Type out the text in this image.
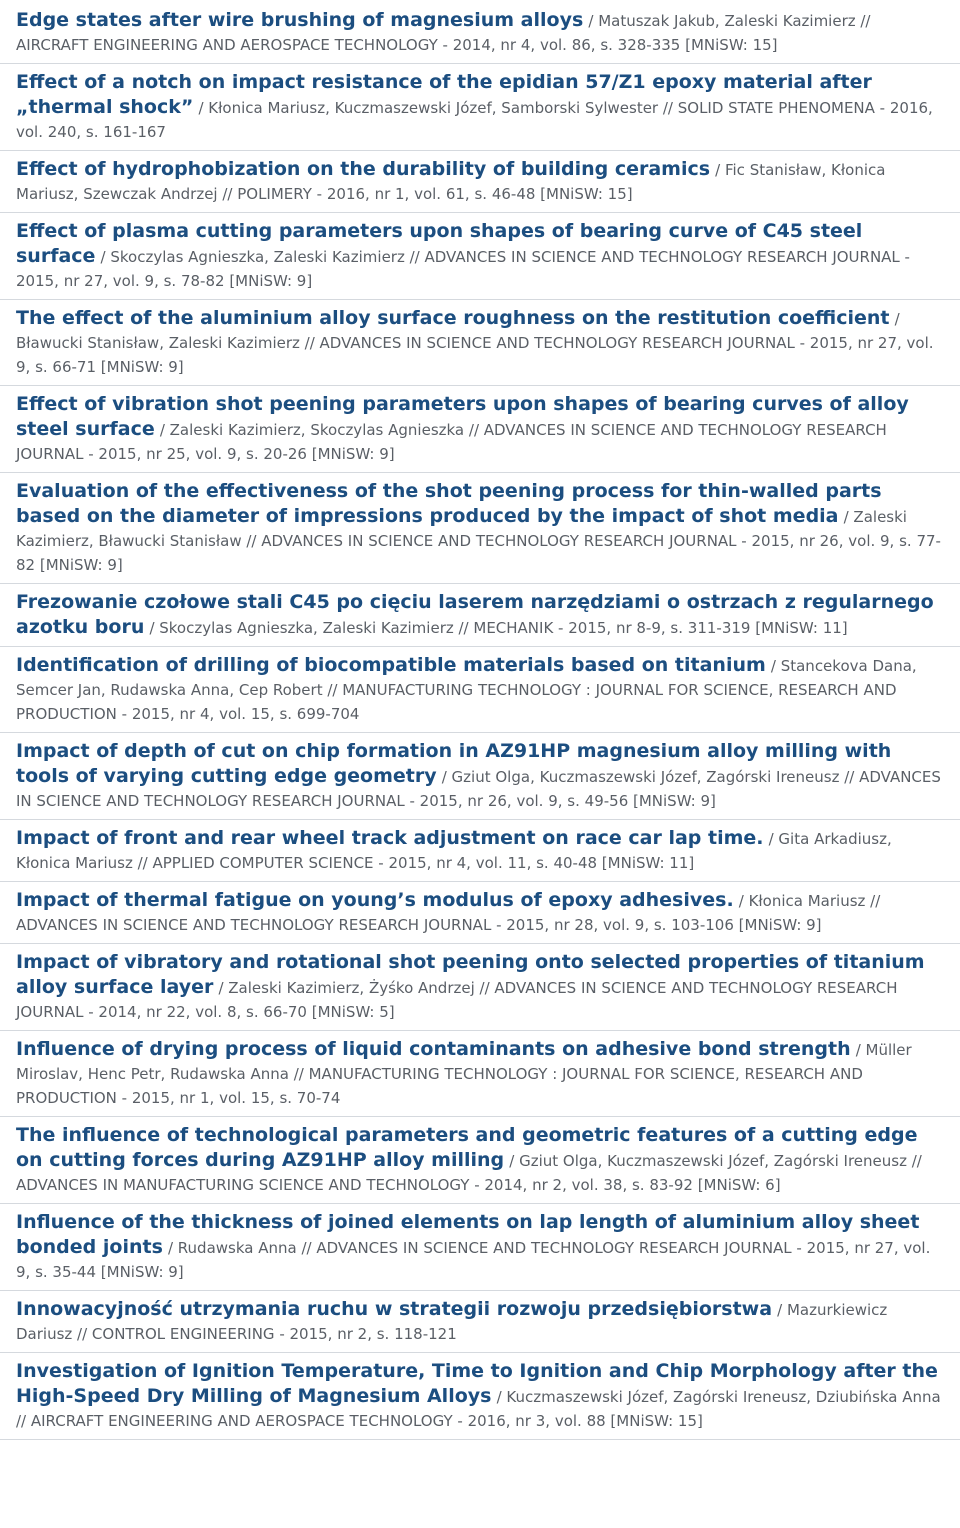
Edge states after wire brushing of magnesium alloys / Matuszak Jakub, Zaleski Kazimierz // AIRCRAFT ENGINEERING AND AEROSPACE TECHNOLOGY - 2014, nr 4, vol. 86, s. 328-335 [MNiSW: 15]
Effect of a notch on impact resistance of the epidian 57/Z1 epoxy material after „thermal shock” / Kłonica Mariusz, Kuczmaszewski Józef, Samborski Sylwester // SOLID STATE PHENOMENA - 2016, vol. 240, s. 161-167
Effect of hydrophobization on the durability of building ceramics / Fic Stanisław, Kłonica Mariusz, Szewczak Andrzej // POLIMERY - 2016, nr 1, vol. 61, s. 46-48 [MNiSW: 15]
Effect of plasma cutting parameters upon shapes of bearing curve of C45 steel surface / Skoczylas Agnieszka, Zaleski Kazimierz // ADVANCES IN SCIENCE AND TECHNOLOGY RESEARCH JOURNAL - 2015, nr 27, vol. 9, s. 78-82 [MNiSW: 9]
The effect of the aluminium alloy surface roughness on the restitution coefficient / Bławucki Stanisław, Zaleski Kazimierz // ADVANCES IN SCIENCE AND TECHNOLOGY RESEARCH JOURNAL - 2015, nr 27, vol. 9, s. 66-71 [MNiSW: 9]
Effect of vibration shot peening parameters upon shapes of bearing curves of alloy steel surface / Zaleski Kazimierz, Skoczylas Agnieszka // ADVANCES IN SCIENCE AND TECHNOLOGY RESEARCH JOURNAL - 2015, nr 25, vol. 9, s. 20-26 [MNiSW: 9]
Evaluation of the effectiveness of the shot peening process for thin-walled parts based on the diameter of impressions produced by the impact of shot media / Zaleski Kazimierz, Bławucki Stanisław // ADVANCES IN SCIENCE AND TECHNOLOGY RESEARCH JOURNAL - 2015, nr 26, vol. 9, s. 77-82 [MNiSW: 9]
Frezowanie czołowe stali C45 po cięciu laserem narzędziami o ostrzach z regularnego azotku boru / Skoczylas Agnieszka, Zaleski Kazimierz // MECHANIK - 2015, nr 8-9, s. 311-319 [MNiSW: 11]
Identification of drilling of biocompatible materials based on titanium / Stancekova Dana, Semcer Jan, Rudawska Anna, Cep Robert // MANUFACTURING TECHNOLOGY : JOURNAL FOR SCIENCE, RESEARCH AND PRODUCTION - 2015, nr 4, vol. 15, s. 699-704
Impact of depth of cut on chip formation in AZ91HP magnesium alloy milling with tools of varying cutting edge geometry / Gziut Olga, Kuczmaszewski Józef, Zagórski Ireneusz // ADVANCES IN SCIENCE AND TECHNOLOGY RESEARCH JOURNAL - 2015, nr 26, vol. 9, s. 49-56 [MNiSW: 9]
Impact of front and rear wheel track adjustment on race car lap time. / Gita Arkadiusz, Kłonica Mariusz // APPLIED COMPUTER SCIENCE - 2015, nr 4, vol. 11, s. 40-48 [MNiSW: 11]
Impact of thermal fatigue on young’s modulus of epoxy adhesives. / Kłonica Mariusz // ADVANCES IN SCIENCE AND TECHNOLOGY RESEARCH JOURNAL - 2015, nr 28, vol. 9, s. 103-106 [MNiSW: 9]
Impact of vibratory and rotational shot peening onto selected properties of titanium alloy surface layer / Zaleski Kazimierz, Żyśko Andrzej // ADVANCES IN SCIENCE AND TECHNOLOGY RESEARCH JOURNAL - 2014, nr 22, vol. 8, s. 66-70 [MNiSW: 5]
Influence of drying process of liquid contaminants on adhesive bond strength / Müller Miroslav, Henc Petr, Rudawska Anna // MANUFACTURING TECHNOLOGY : JOURNAL FOR SCIENCE, RESEARCH AND PRODUCTION - 2015, nr 1, vol. 15, s. 70-74
The influence of technological parameters and geometric features of a cutting edge on cutting forces during AZ91HP alloy milling / Gziut Olga, Kuczmaszewski Józef, Zagórski Ireneusz // ADVANCES IN MANUFACTURING SCIENCE AND TECHNOLOGY - 2014, nr 2, vol. 38, s. 83-92 [MNiSW: 6]
Influence of the thickness of joined elements on lap length of aluminium alloy sheet bonded joints / Rudawska Anna // ADVANCES IN SCIENCE AND TECHNOLOGY RESEARCH JOURNAL - 2015, nr 27, vol. 9, s. 35-44 [MNiSW: 9]
Innowacyjność utrzymania ruchu w strategii rozwoju przedsiębiorstwa / Mazurkiewicz Dariusz // CONTROL ENGINEERING - 2015, nr 2, s. 118-121
Investigation of Ignition Temperature, Time to Ignition and Chip Morphology after the High-Speed Dry Milling of Magnesium Alloys / Kuczmaszewski Józef, Zagórski Ireneusz, Dziubińska Anna // AIRCRAFT ENGINEERING AND AEROSPACE TECHNOLOGY - 2016, nr 3, vol. 88 [MNiSW: 15]
